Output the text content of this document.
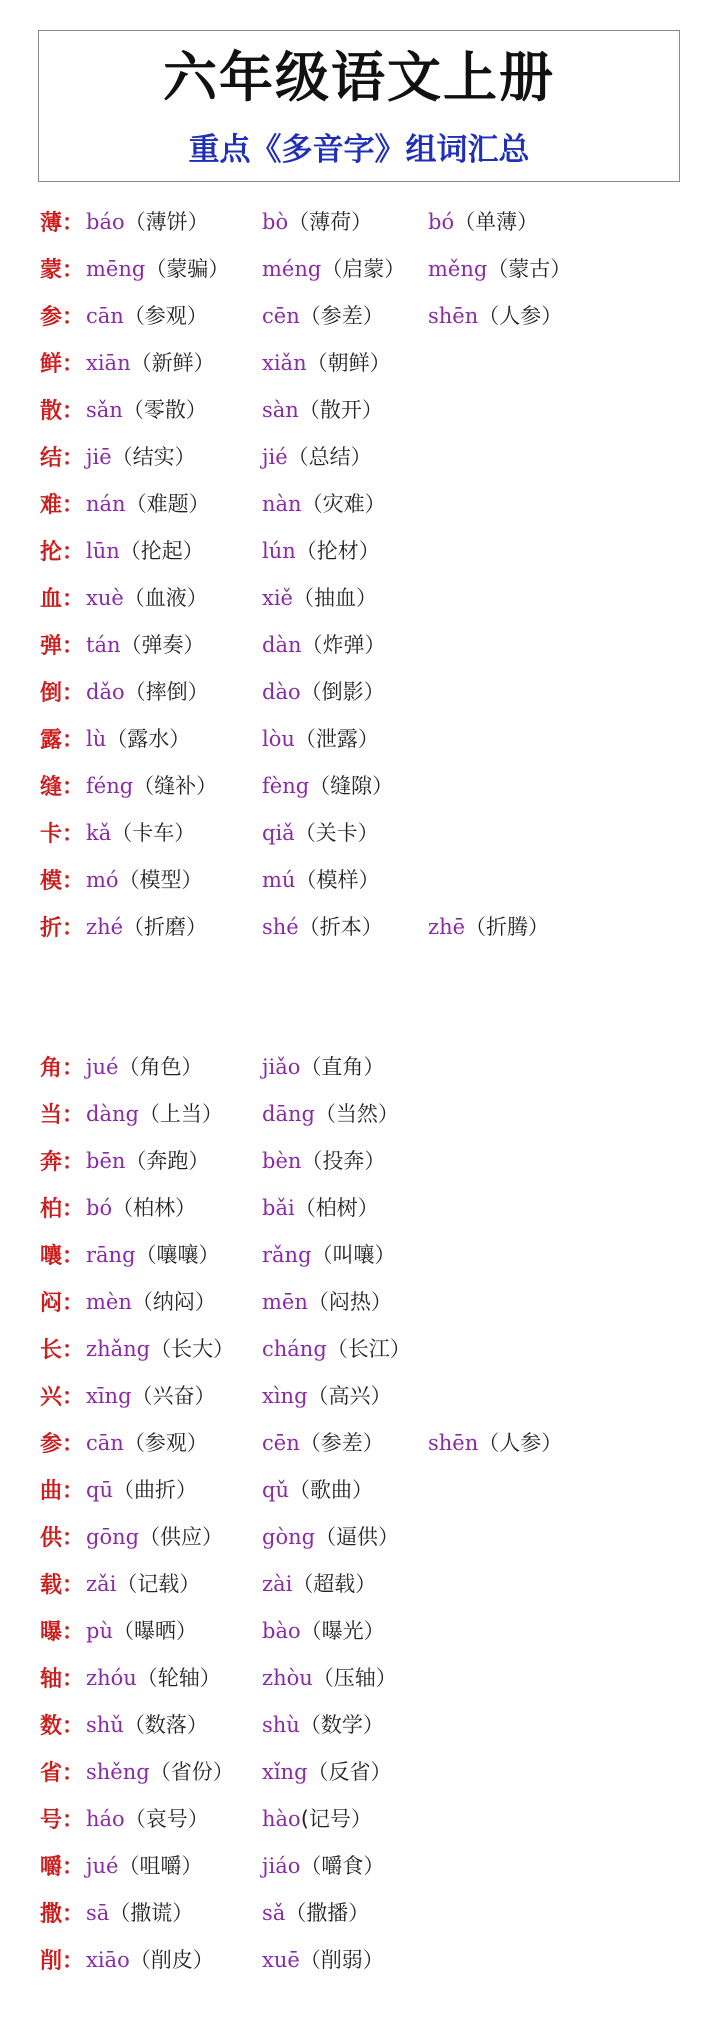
六年级语文上册
重点《多音字》组词汇总
薄： báo（薄饼）	bò（薄荷）	bó（单薄）
蒙： mēng（蒙骗） méng（启蒙） měng（蒙古）
参： cān（参观）	cēn（参差） shēn（人参）
鲜： xiān（新鲜） xiǎn（朝鲜）
散： sǎn（零散）	sàn（散开）
结： jiē（结实）	jié（总结）
难： nán（难题） nàn（灾难）
抡： lūn（抡起）	lún（抡材）
血： xuè（血液）	xiě（抽血）
弹： tán（弹奏）	dàn（炸弹）
倒： dǎo（摔倒）	dào（倒影）
露： lù（露水）	lòu（泄露）
缝： féng（缝补） fèng（缝隙）
卡： kǎ（卡车）	qiǎ（关卡）
模： mó（模型）	mú（模样）
折： zhé（折磨）	shé（折本） zhē（折腾）
角： jué（角色）	jiǎo（直角）
当： dàng（上当） dāng（当然）
奔： bēn（奔跑）	bèn（投奔）
柏： bó（柏林）	bǎi（柏树）
嚷： rāng（嚷嚷） rǎng（叫嚷）
闷： mèn（纳闷） mēn（闷热）
长： zhǎng（长大） cháng（长江）
兴： xīng（兴奋） xìng（高兴）
参： cān（参观）	cēn（参差） shēn（人参）
曲： qū（曲折）	qǔ（歌曲）
供： gōng（供应） gòng（逼供）
载： zǎi（记载）	zài（超载）
曝： pù（曝晒）	bào（曝光）
轴： zhóu（轮轴） zhòu（压轴）
数： shǔ（数落）	shù（数学）
省： shěng（省份） xǐng（反省）
号： háo（哀号）	hào(记号）
嚼： jué（咀嚼）	jiáo（嚼食）
撒： sā（撒谎）	sǎ（撒播）
削： xiāo（削皮） xuē（削弱）
